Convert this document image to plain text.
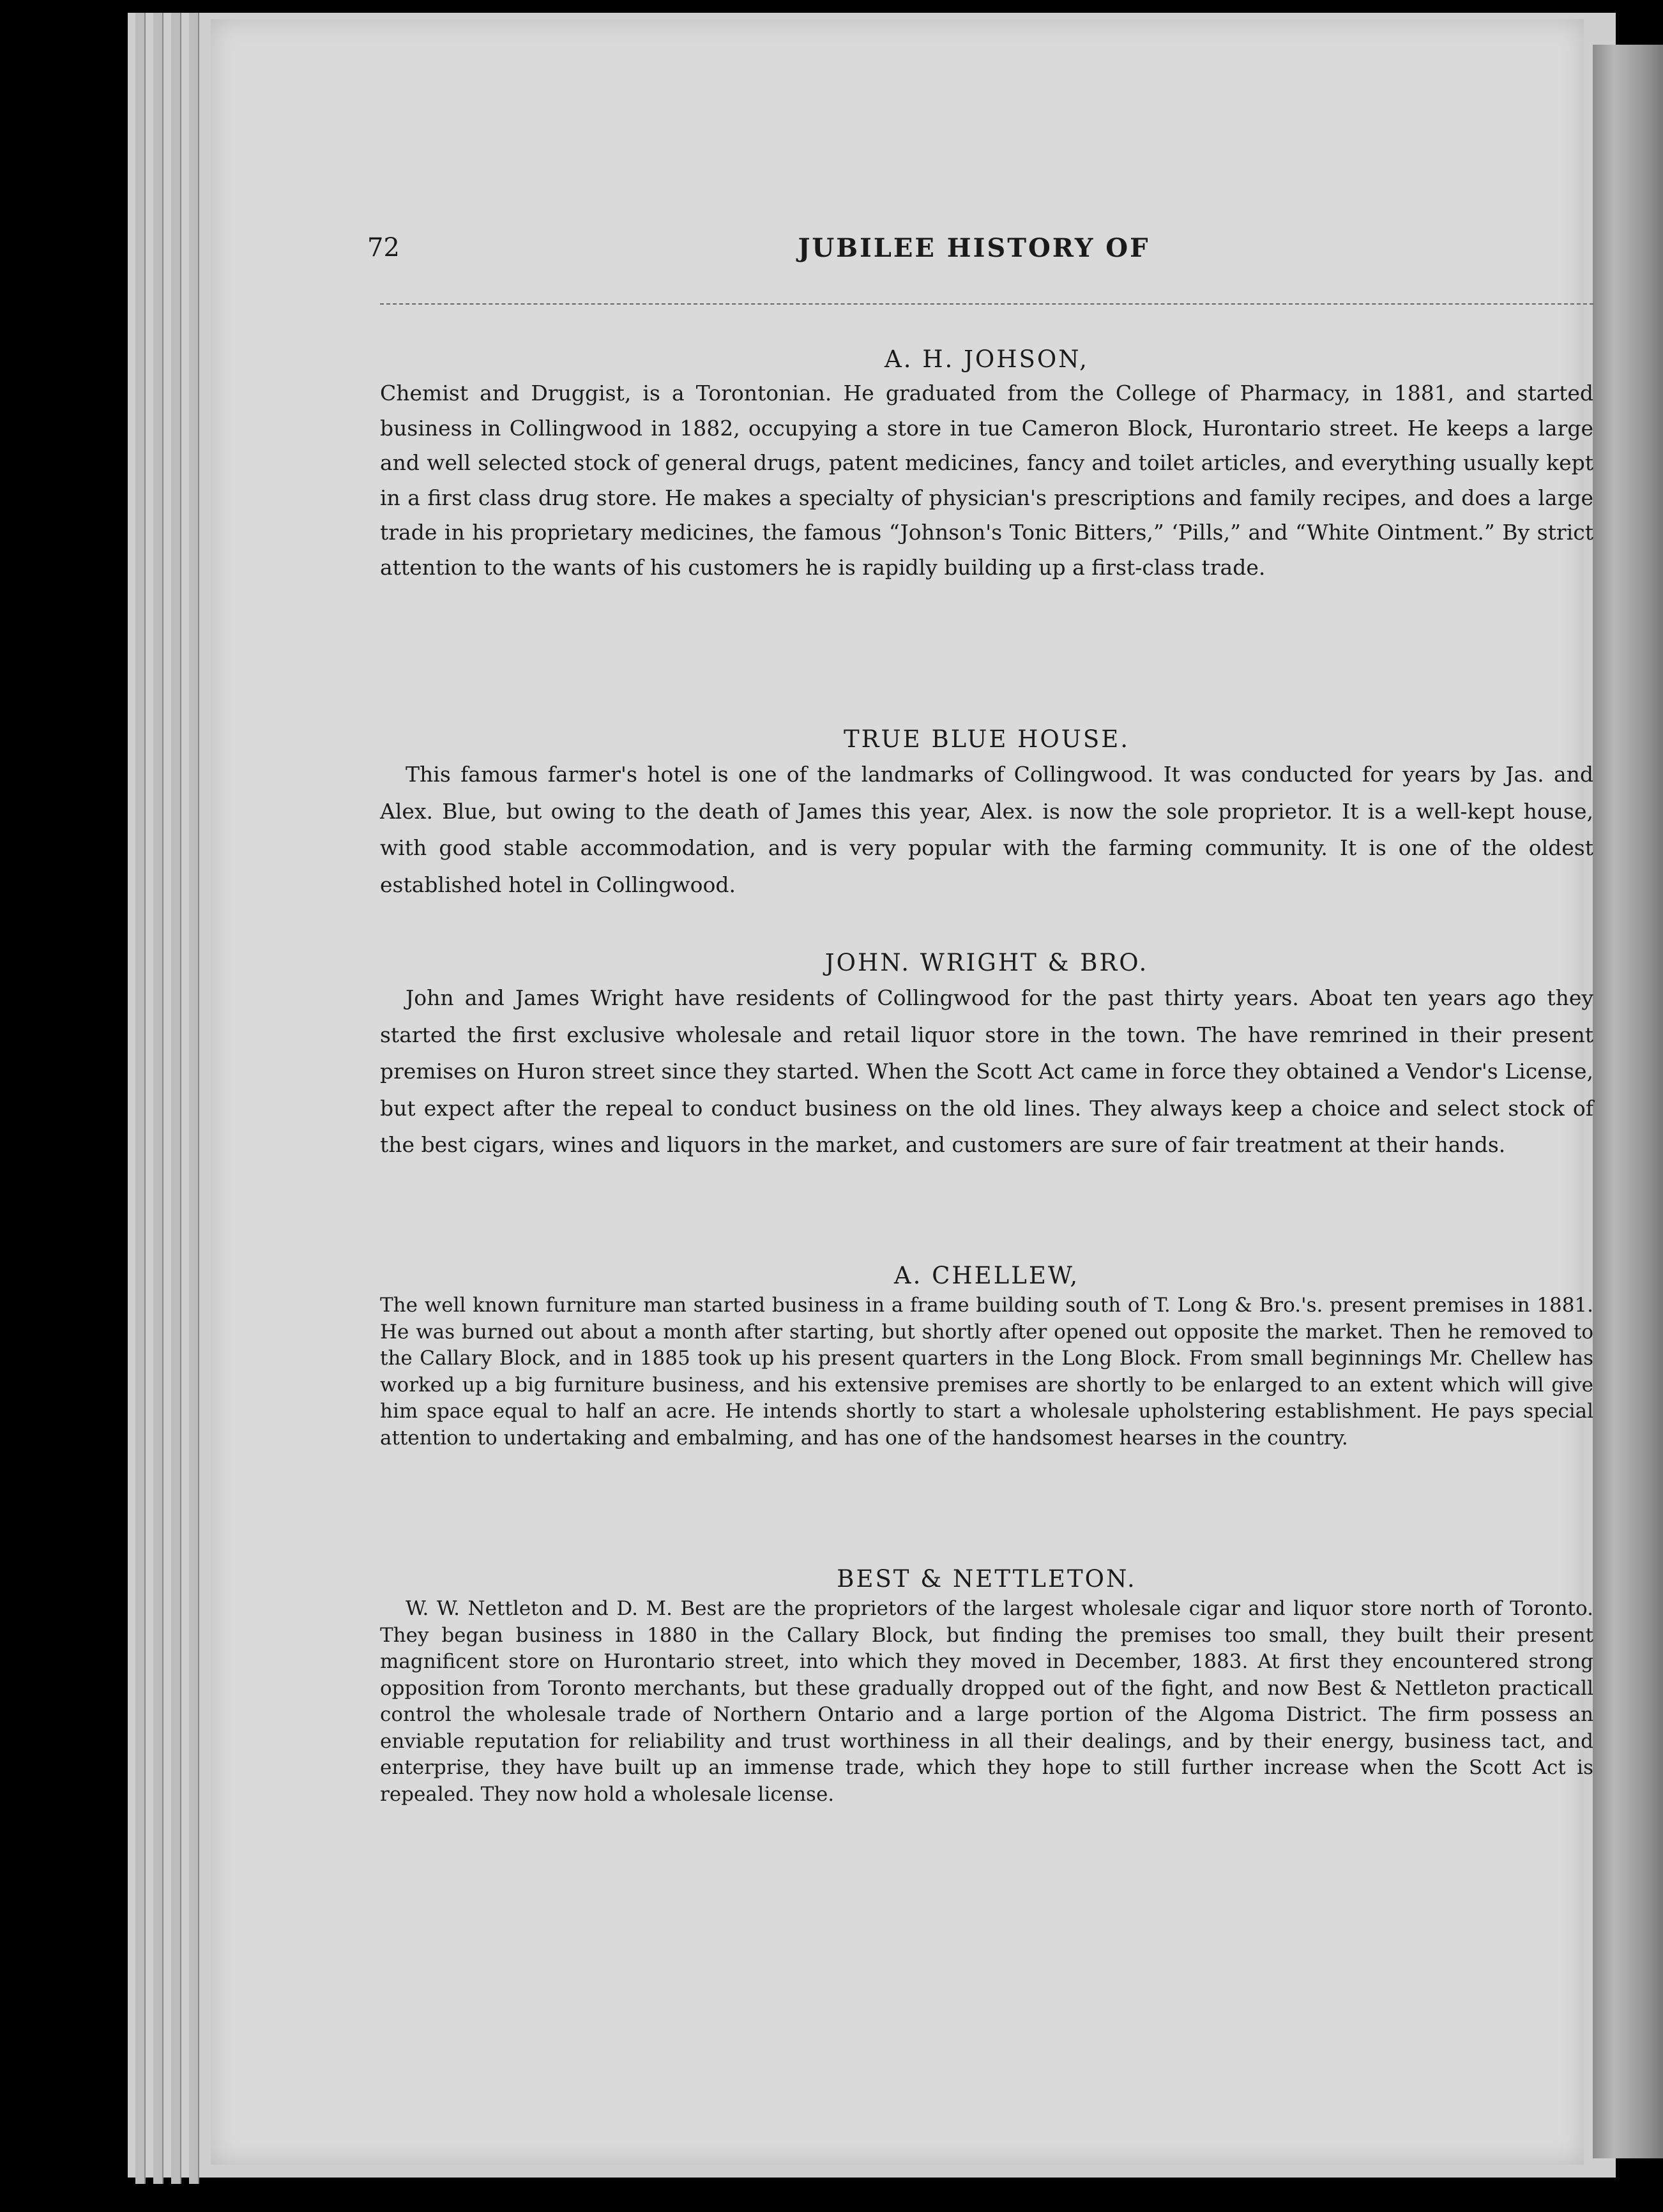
72	JUBILEE HISTORY OF
A. H. JOHSON,

Chemist and Druggist, is a Torontonian. He graduated from the College of Pharmacy, in 1881, and started business in Collingwood in 1882, occupying a store in tue Cameron Block, Hurontario street. He keeps a large and well selected stock of general drugs, patent medicines, fancy and toilet articles, and everything usually kept in a first class drug store. He makes a specialty of physician's prescriptions and family recipes, and does a large trade in his proprietary medicines, the famous “Johnson's Tonic Bitters,” ‘Pills,” and “White Ointment.” By strict attention to the wants of his customers he is rapidly building up a first-class trade.

TRUE BLUE HOUSE.

This famous farmer's hotel is one of the landmarks of Collingwood. It was conducted for years by Jas. and Alex. Blue, but owing to the death of James this year, Alex. is now the sole proprietor. It is a well-kept house, with good stable accommodation, and is very popular with the farming community. It is one of the oldest established hotel in Collingwood.

JOHN. WRIGHT & BRO.

John and James Wright have residents of Collingwood for the past thirty years. Aboat ten years ago they started the first exclusive wholesale and retail liquor store in the town. The have remrined in their present premises on Huron street since they started. When the Scott Act came in force they obtained a Vendor's License, but expect after the repeal to conduct business on the old lines. They always keep a choice and select stock of the best cigars, wines and liquors in the market, and customers are sure of fair treatment at their hands.

A. CHELLEW,

The well known furniture man started business in a frame building south of T. Long & Bro.'s. present premises in 1881. He was burned out about a month after starting, but shortly after opened out opposite the market. Then he removed to the Callary Block, and in 1885 took up his present quarters in the Long Block. From small beginnings Mr. Chellew has worked up a big furniture business, and his extensive premises are shortly to be enlarged to an extent which will give him space equal to half an acre. He intends shortly to start a wholesale upholstering establishment. He pays special attention to undertaking and embalming, and has one of the handsomest hearses in the country.

BEST & NETTLETON.

W. W. Nettleton and D. M. Best are the proprietors of the largest wholesale cigar and liquor store north of Toronto. They began business in 1880 in the Callary Block, but finding the premises too small, they built their present magnificent store on Hurontario street, into which they moved in December, 1883. At first they encountered strong opposition from Toronto merchants, but these gradually dropped out of the fight, and now Best & Nettleton practicall control the wholesale trade of Northern Ontario and a large portion of the Algoma District. The firm possess an enviable reputation for reliability and trust worthiness in all their dealings, and by their energy, business tact, and enterprise, they have built up an immense trade, which they hope to still further increase when the Scott Act is repealed. They now hold a wholesale license.
